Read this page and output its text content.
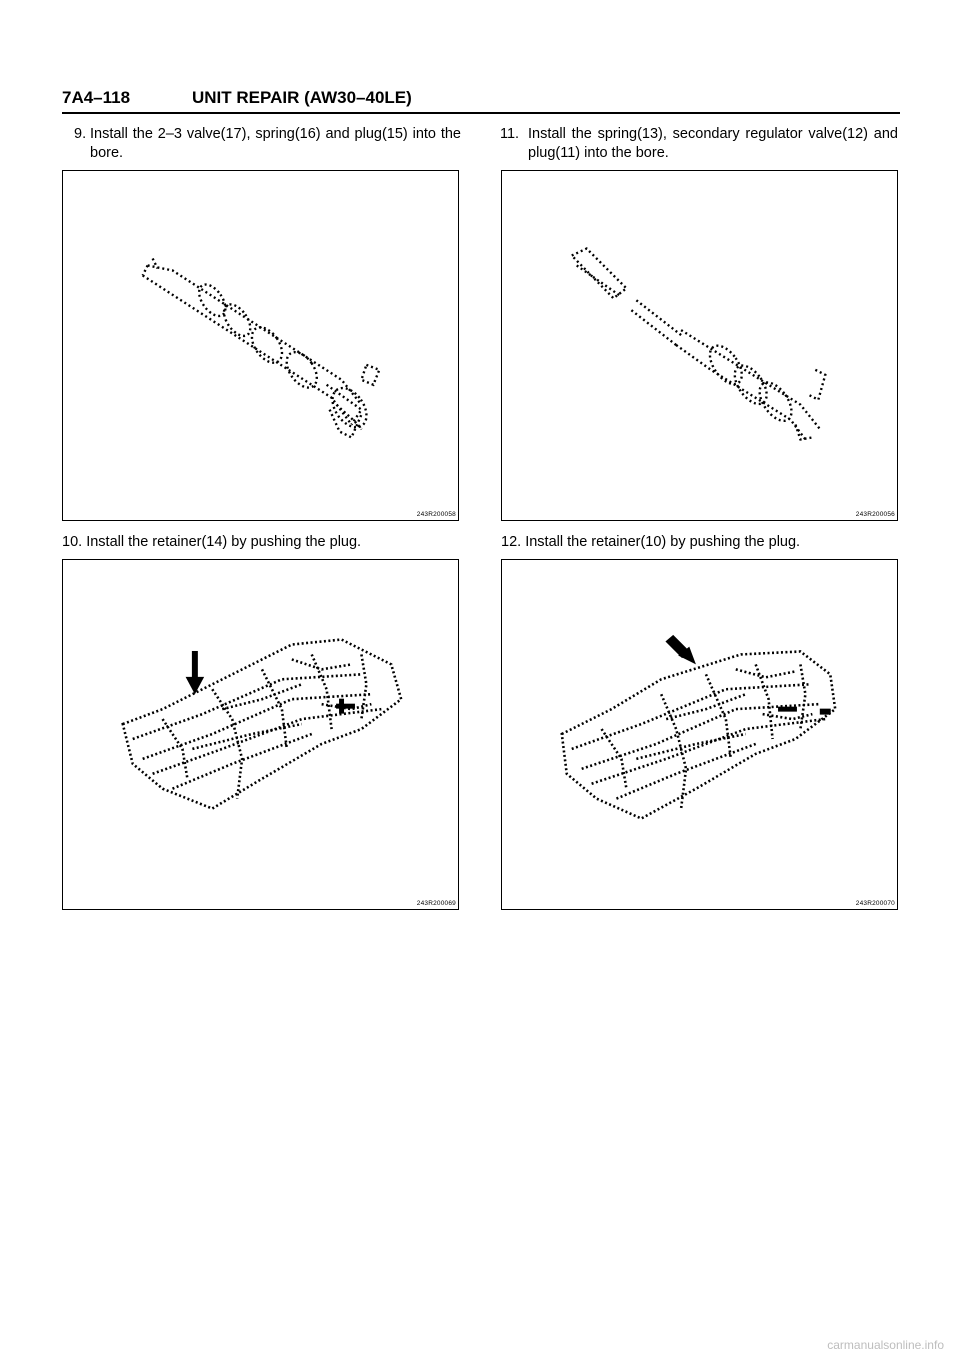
7A4–118	UNIT REPAIR (AW30–40LE)
9. Install the 2–3 valve(17), spring(16) and plug(15) into the bore.
11. Install the spring(13), secondary regulator valve(12) and plug(11) into the bore.
243R200058	243R200056
10. Install the retainer(14) by pushing the plug.	12. Install the retainer(10) by pushing the plug.
243R200069	243R200070
carmanualsonline.info
